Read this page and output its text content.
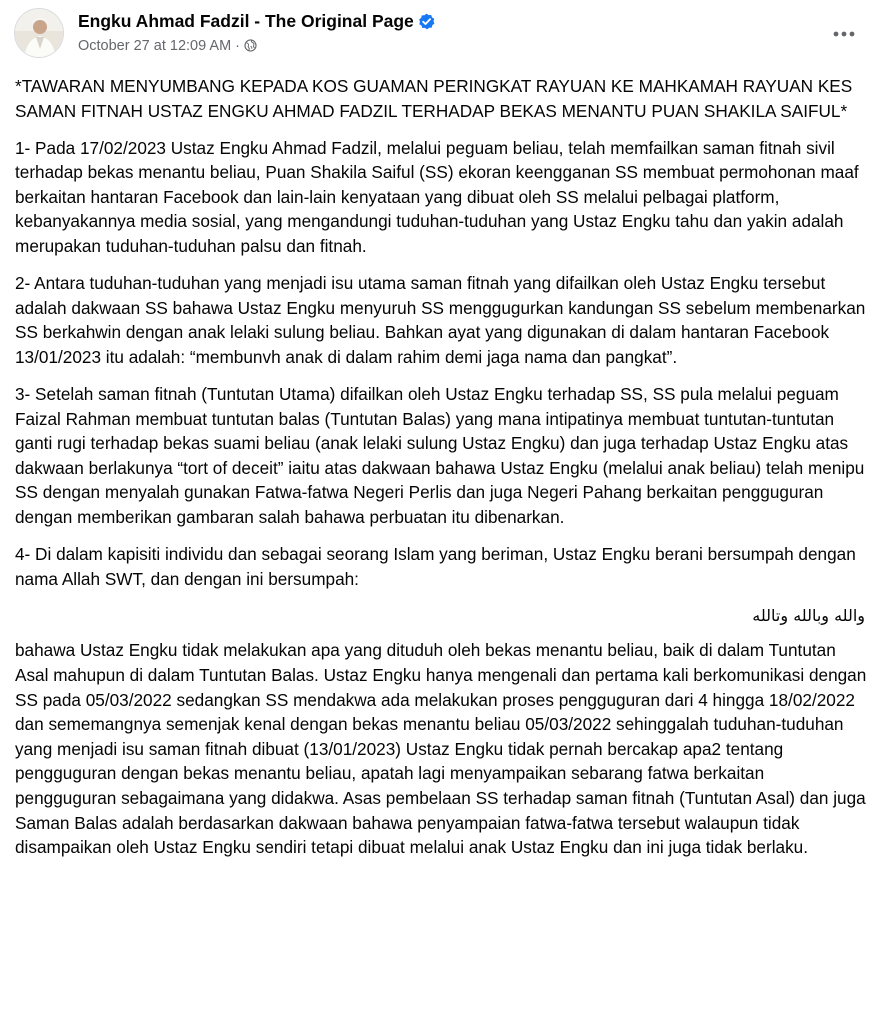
Engku Ahmad Fadzil - The Original Page
October 27 at 12:09 AM ·

*TAWARAN MENYUMBANG KEPADA KOS GUAMAN PERINGKAT RAYUAN KE MAHKAMAH RAYUAN KES SAMAN FITNAH USTAZ ENGKU AHMAD FADZIL TERHADAP BEKAS MENANTU PUAN SHAKILA SAIFUL*

1- Pada 17/02/2023 Ustaz Engku Ahmad Fadzil, melalui peguam beliau, telah memfailkan saman fitnah sivil terhadap bekas menantu beliau, Puan Shakila Saiful (SS) ekoran keengganan SS membuat permohonan maaf berkaitan hantaran Facebook dan lain-lain kenyataan yang dibuat oleh SS melalui pelbagai platform, kebanyakannya media sosial, yang mengandungi tuduhan-tuduhan yang Ustaz Engku tahu dan yakin adalah merupakan tuduhan-tuduhan palsu dan fitnah.

2- Antara tuduhan-tuduhan yang menjadi isu utama saman fitnah yang difailkan oleh Ustaz Engku tersebut adalah dakwaan SS bahawa Ustaz Engku menyuruh SS menggugurkan kandungan SS sebelum membenarkan SS berkahwin dengan anak lelaki sulung beliau. Bahkan ayat yang digunakan di dalam hantaran Facebook 13/01/2023 itu adalah: “membunvh anak di dalam rahim demi jaga nama dan pangkat”.

3- Setelah saman fitnah (Tuntutan Utama) difailkan oleh Ustaz Engku terhadap SS, SS pula melalui peguam Faizal Rahman membuat tuntutan balas (Tuntutan Balas) yang mana intipatinya membuat tuntutan-tuntutan ganti rugi terhadap bekas suami beliau (anak lelaki sulung Ustaz Engku) dan juga terhadap Ustaz Engku atas dakwaan berlakunya “tort of deceit” iaitu atas dakwaan bahawa Ustaz Engku (melalui anak beliau) telah menipu SS dengan menyalah gunakan Fatwa-fatwa Negeri Perlis dan juga Negeri Pahang berkaitan pengguguran dengan memberikan gambaran salah bahawa perbuatan itu dibenarkan.

4- Di dalam kapisiti individu dan sebagai seorang Islam yang beriman, Ustaz Engku berani bersumpah dengan nama Allah SWT, dan dengan ini bersumpah:

والله وبالله وتالله

bahawa Ustaz Engku tidak melakukan apa yang dituduh oleh bekas menantu beliau, baik di dalam Tuntutan Asal mahupun di dalam Tuntutan Balas. Ustaz Engku hanya mengenali dan pertama kali berkomunikasi dengan SS pada 05/03/2022 sedangkan SS mendakwa ada melakukan proses pengguguran dari 4 hingga 18/02/2022 dan sememangnya semenjak kenal dengan bekas menantu beliau 05/03/2022 sehinggalah tuduhan-tuduhan yang menjadi isu saman fitnah dibuat (13/01/2023) Ustaz Engku tidak pernah bercakap apa2 tentang pengguguran dengan bekas menantu beliau, apatah lagi menyampaikan sebarang fatwa berkaitan pengguguran sebagaimana yang didakwa. Asas pembelaan SS terhadap saman fitnah (Tuntutan Asal) dan juga Saman Balas adalah berdasarkan dakwaan bahawa penyampaian fatwa-fatwa tersebut walaupun tidak disampaikan oleh Ustaz Engku sendiri tetapi dibuat melalui anak Ustaz Engku dan ini juga tidak berlaku.
